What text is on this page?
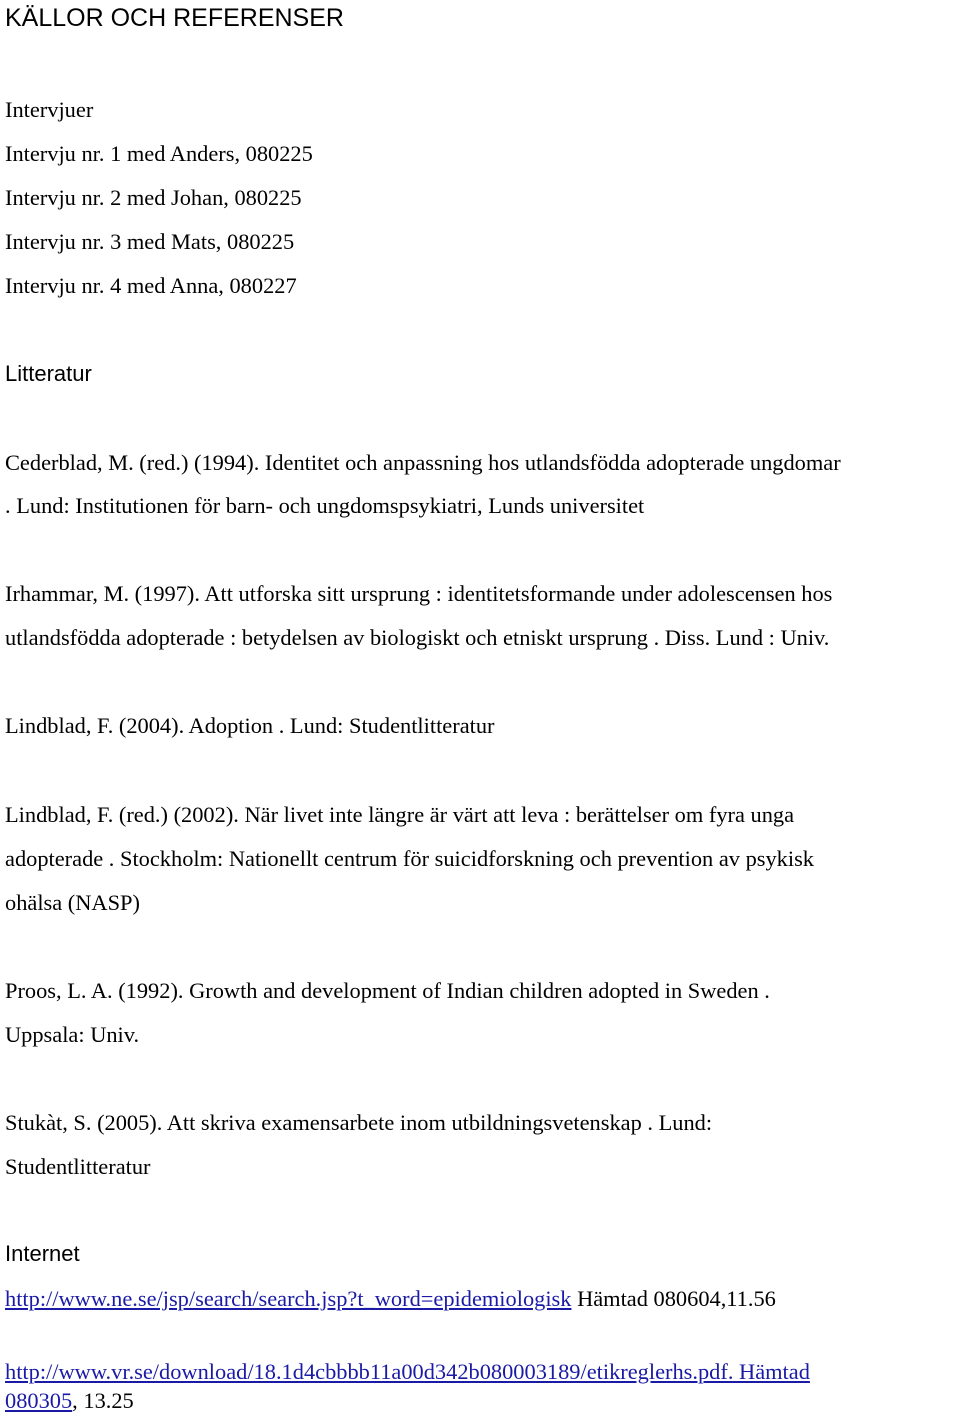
KÄLLOR OCH REFERENSER

Intervjuer

Intervju nr. 1 med Anders, 080225

Intervju nr. 2 med Johan, 080225

Intervju nr. 3 med Mats, 080225

Intervju nr. 4 med Anna, 080227

Litteratur

Cederblad, M. (red.) (1994). Identitet och anpassning hos utlandsfödda adopterade ungdomar

. Lund: Institutionen för barn- och ungdomspsykiatri, Lunds universitet

Irhammar, M. (1997). Att utforska sitt ursprung : identitetsformande under adolescensen hos

utlandsfödda adopterade : betydelsen av biologiskt och etniskt ursprung . Diss. Lund : Univ.

Lindblad, F. (2004). Adoption . Lund: Studentlitteratur

Lindblad, F. (red.) (2002). När livet inte längre är värt att leva : berättelser om fyra unga

adopterade . Stockholm: Nationellt centrum för suicidforskning och prevention av psykisk

ohälsa (NASP)

Proos, L. A. (1992). Growth and development of Indian children adopted in Sweden .

Uppsala: Univ.

Stukàt, S. (2005). Att skriva examensarbete inom utbildningsvetenskap . Lund:

Studentlitteratur

Internet

http://www.ne.se/jsp/search/search.jsp?t_word=epidemiologisk Hämtad 080604,11.56

http://www.vr.se/download/18.1d4cbbbb11a00d342b080003189/etikreglerhs.pdf. Hämtad

080305, 13.25
